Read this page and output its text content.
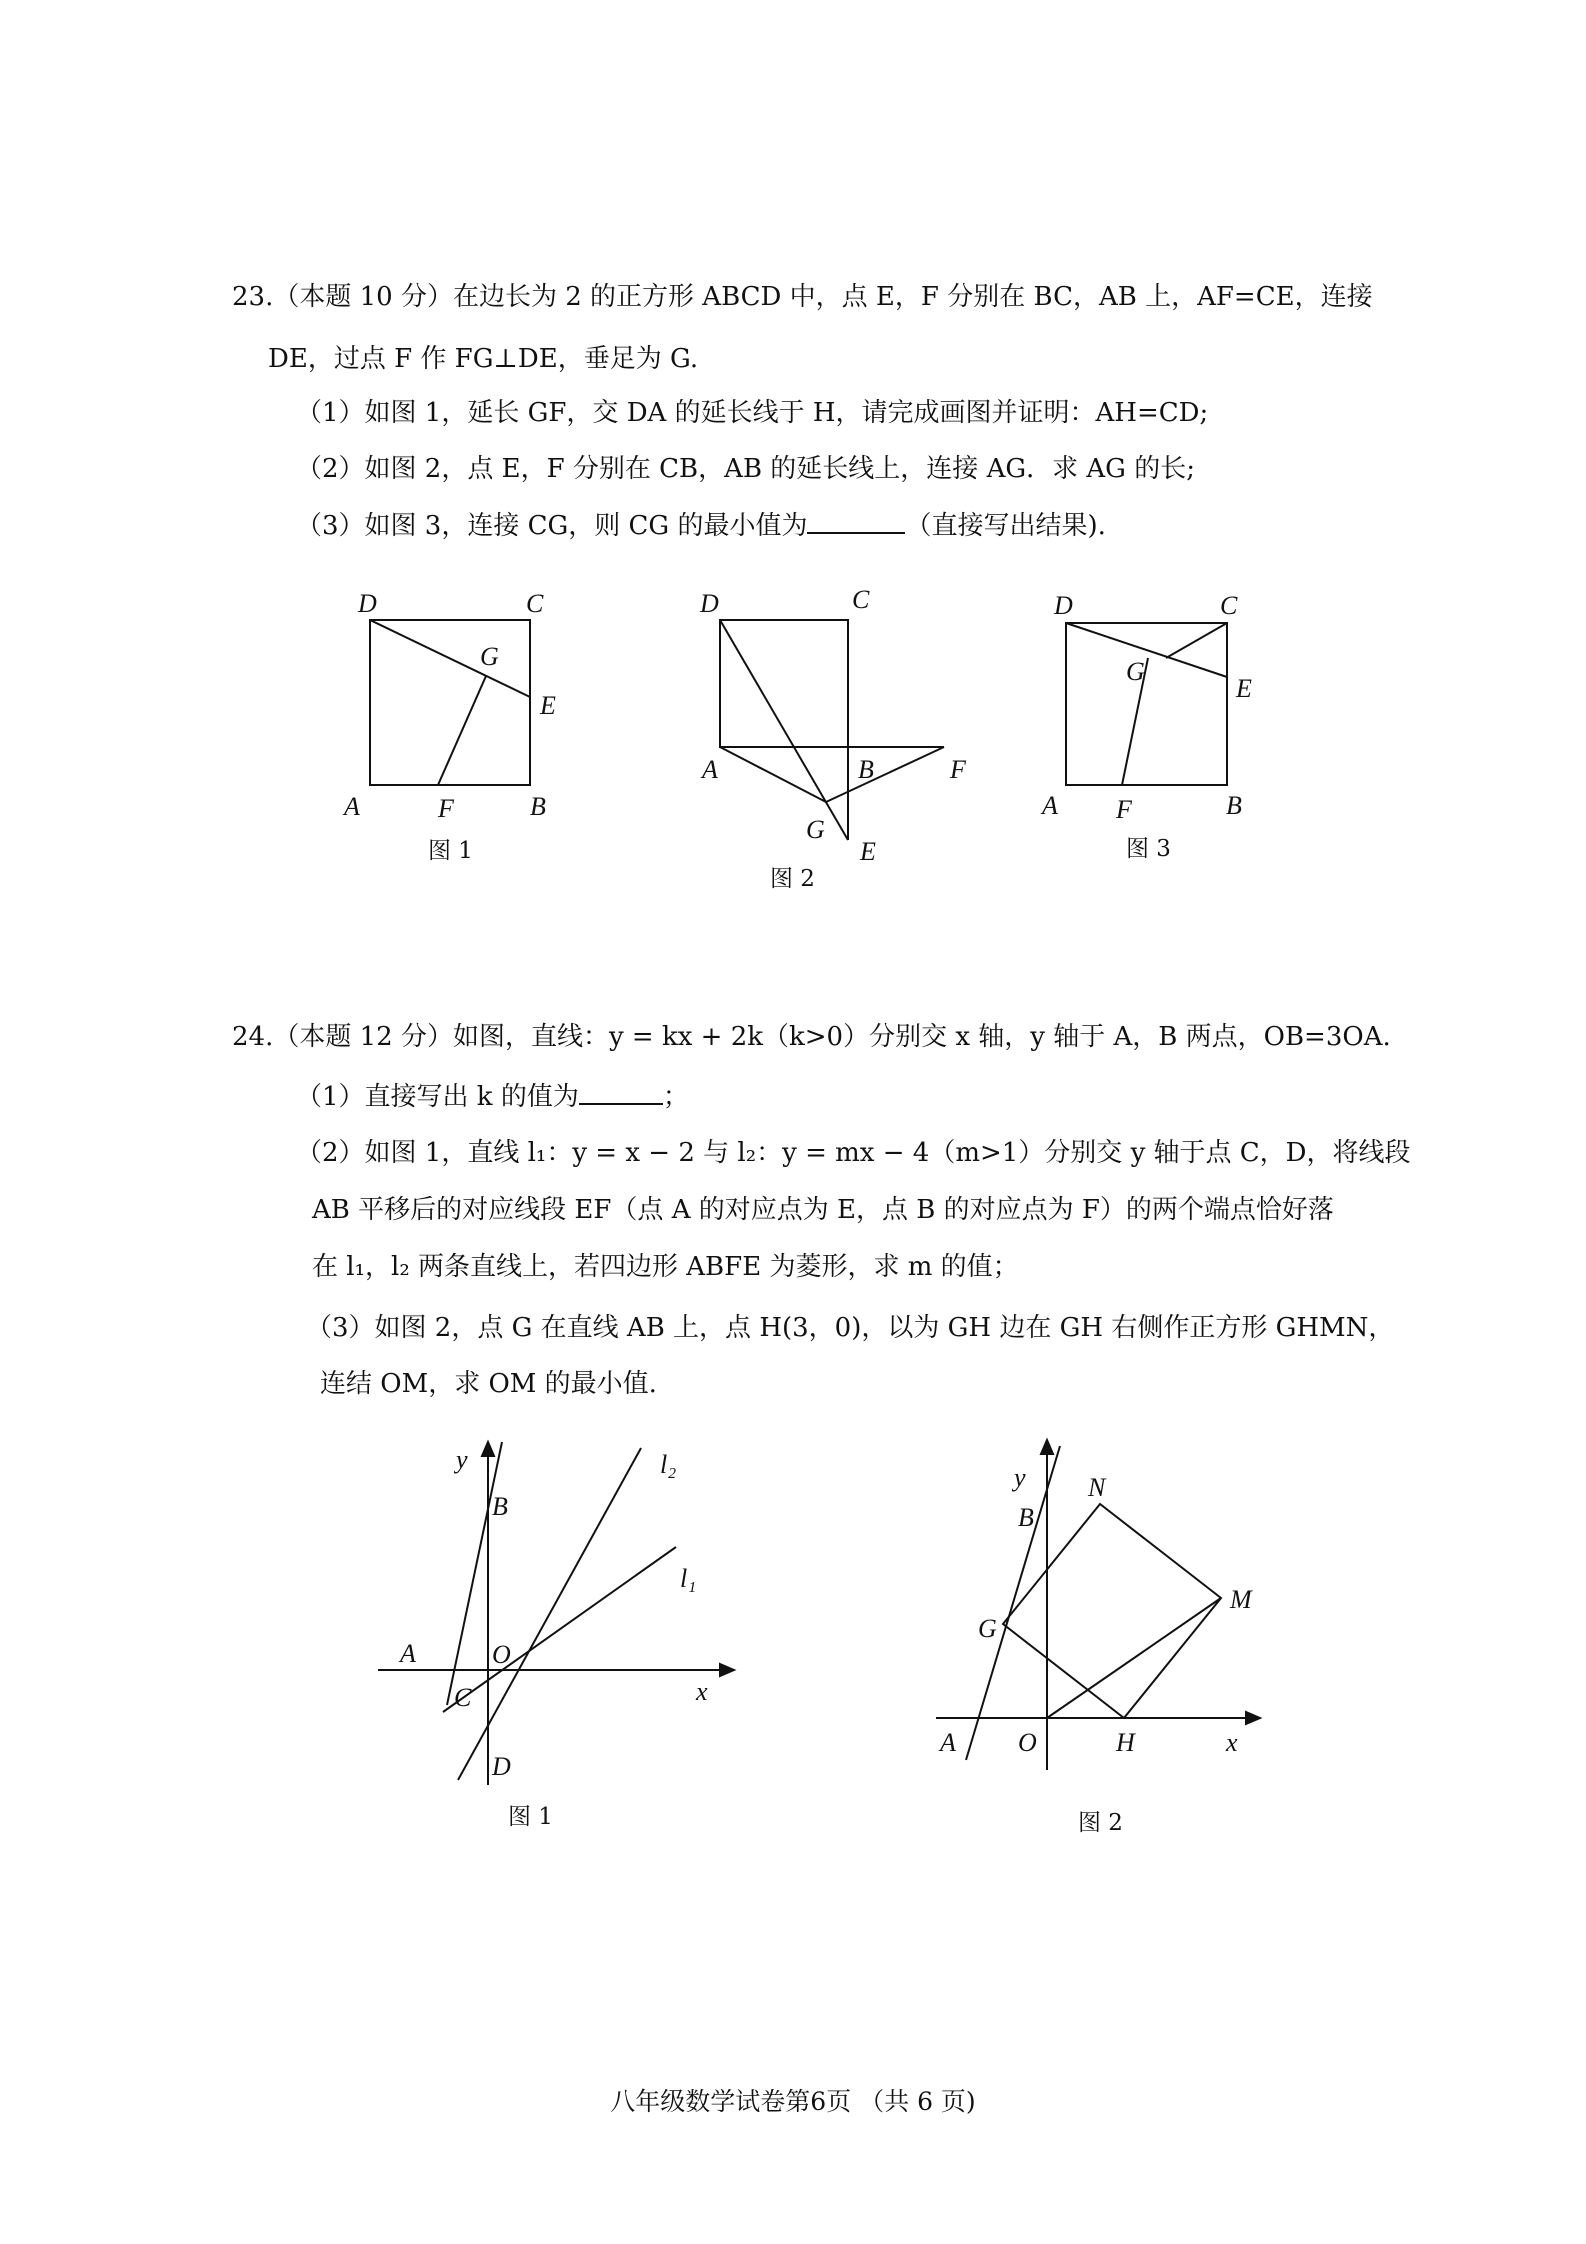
23.（本题 10 分）在边长为 2 的正方形 ABCD 中，点 E，F 分别在 BC，AB 上，AF=CE，连接
DE，过点 F 作 FG⊥DE，垂足为 G.
（1）如图 1，延长 GF，交 DA 的延长线于 H，请完成画图并证明：AH=CD;
（2）如图 2，点 E，F 分别在 CB，AB 的延长线上，连接 AG．求 AG 的长;
（3）如图 3，连接 CG，则 CG 的最小值为	（直接写出结果).
D	C
G
E
A	F	B
图 1
D	C
A	B	F
G
E
图 2
D	C
G
E
A F	B
图 3
24.（本题 12 分）如图，直线：y = kx + 2k（k>0）分别交 x 轴，y 轴于 A，B 两点，OB=3OA.
（1）直接写出 k 的值为	；
（2）如图 1，直线 l₁：y = x − 2 与 l₂：y = mx − 4（m>1）分别交 y 轴于点 C，D，将线段
AB 平移后的对应线段 EF（点 A 的对应点为 E，点 B 的对应点为 F）的两个端点恰好落
在 l₁，l₂ 两条直线上，若四边形 ABFE 为菱形，求 m 的值；
（3）如图 2，点 G 在直线 AB 上，点 H(3，0)，以为 GH 边在 GH 右侧作正方形 GHMN，
连结 OM，求 OM 的最小值.
y
B
A	O
C
D
x
l₂
l₁
图 1
y
B
N
M
G
A O	H	x
图 2
八年级数学试卷第6页 （共 6 页)
